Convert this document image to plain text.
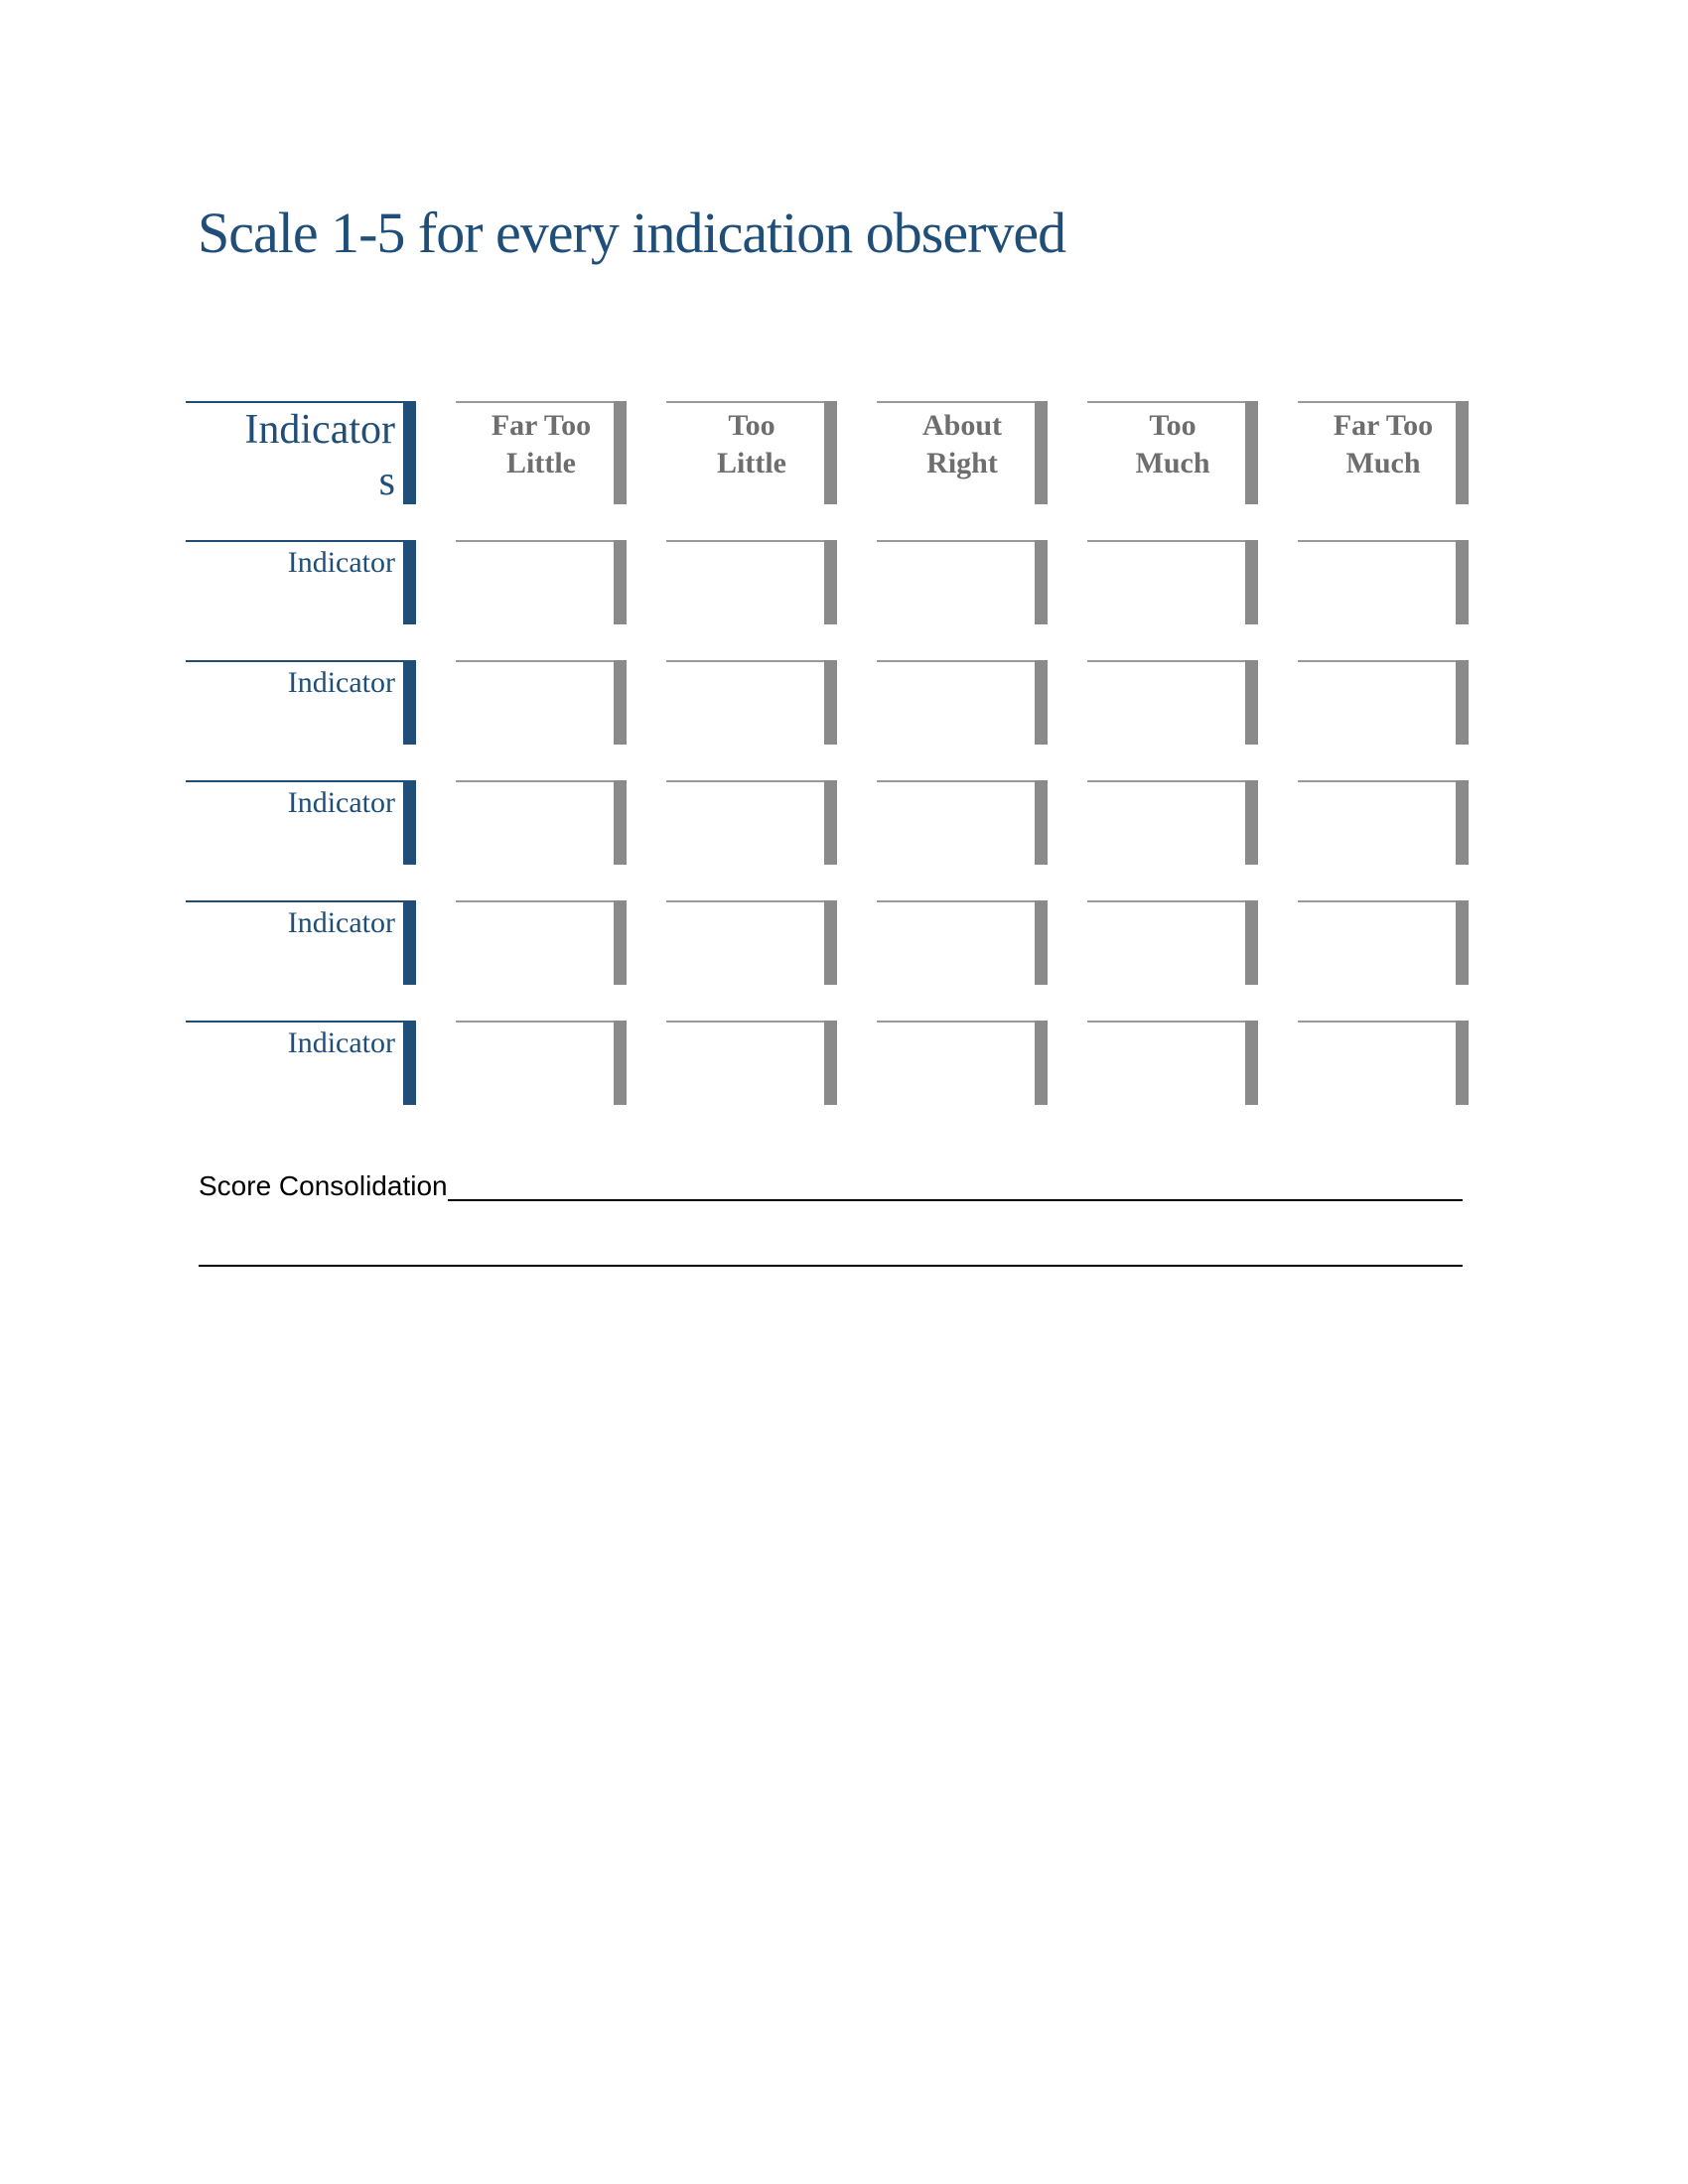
Scale 1-5 for every indication observed
Indicator
s
Far Too
Little
Too
Little
About
Right
Too
Much
Far Too
Much
Indicator
Indicator
Indicator
Indicator
Indicator
Score Consolidation
